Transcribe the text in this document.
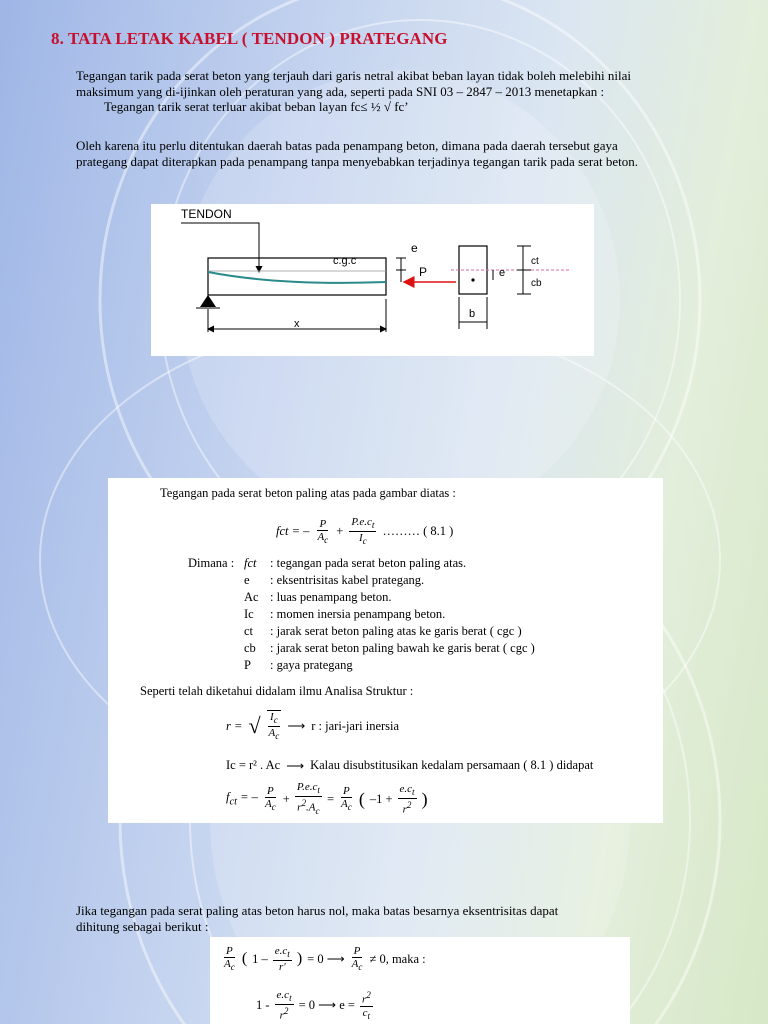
8. TATA LETAK KABEL ( TENDON ) PRATEGANG
Tegangan tarik pada serat beton yang terjauh dari garis netral akibat beban layan tidak boleh melebihi nilai
maksimum yang di-ijinkan oleh peraturan yang ada, seperti pada SNI 03 – 2847 – 2013 menetapkan :
Tegangan tarik serat terluar akibat beban layan fc≤ ½ √ fc’
Oleh karena itu perlu ditentukan daerah batas pada penampang beton, dimana pada daerah tersebut gaya
prategang dapat diterapkan pada penampang tanpa menyebabkan terjadinya tegangan tarik pada serat beton.
TENDON
c.g.c
x
P
e
e
ct
cb
b
Tegangan pada serat beton paling atas pada gambar diatas :
fct = – $\frac{P}{A_c} + \frac{P.e.c_t}{I_c}$ ……… ( 8.1 )
Dimana : fct	: tegangan pada serat beton paling atas.
e	: eksentrisitas kabel prategang.
Ac : luas penampang beton.
Ic	: momen inersia penampang beton.
ct	: jarak serat beton paling atas ke garis berat ( cgc )
cb	: jarak serat beton paling bawah ke garis berat ( cgc )
P	: gaya prategang
Seperti telah diketahui didalam ilmu Analisa Struktur :
r = √ $\frac{I_c}{A_c}$ ⟶ r : jari-jari inersia
Ic = r² . Ac ⟶ Kalau disubstitusikan kedalam persamaan ( 8.1 ) didapat
$f_{ct}$ = – $\frac{P}{A_c} + \frac{P.e.c_t}{r^2.A_c} = \frac{P}{A_c}$ ( $-1 + \frac{e.c_t}{r^2}$ )
Jika tegangan pada serat paling atas beton harus nol, maka batas besarnya eksentrisitas dapat
dihitung sebagai berikut :
$\frac{P}{A_c}$ ( $1 - \frac{e.c_t}{r'}$ ) = 0 ⟶ $\frac{P}{A_c} \ne 0$, maka :
$1 - \frac{e.c_t}{r^2} = 0$ ⟶ $e = \frac{r^2}{c_t}$
